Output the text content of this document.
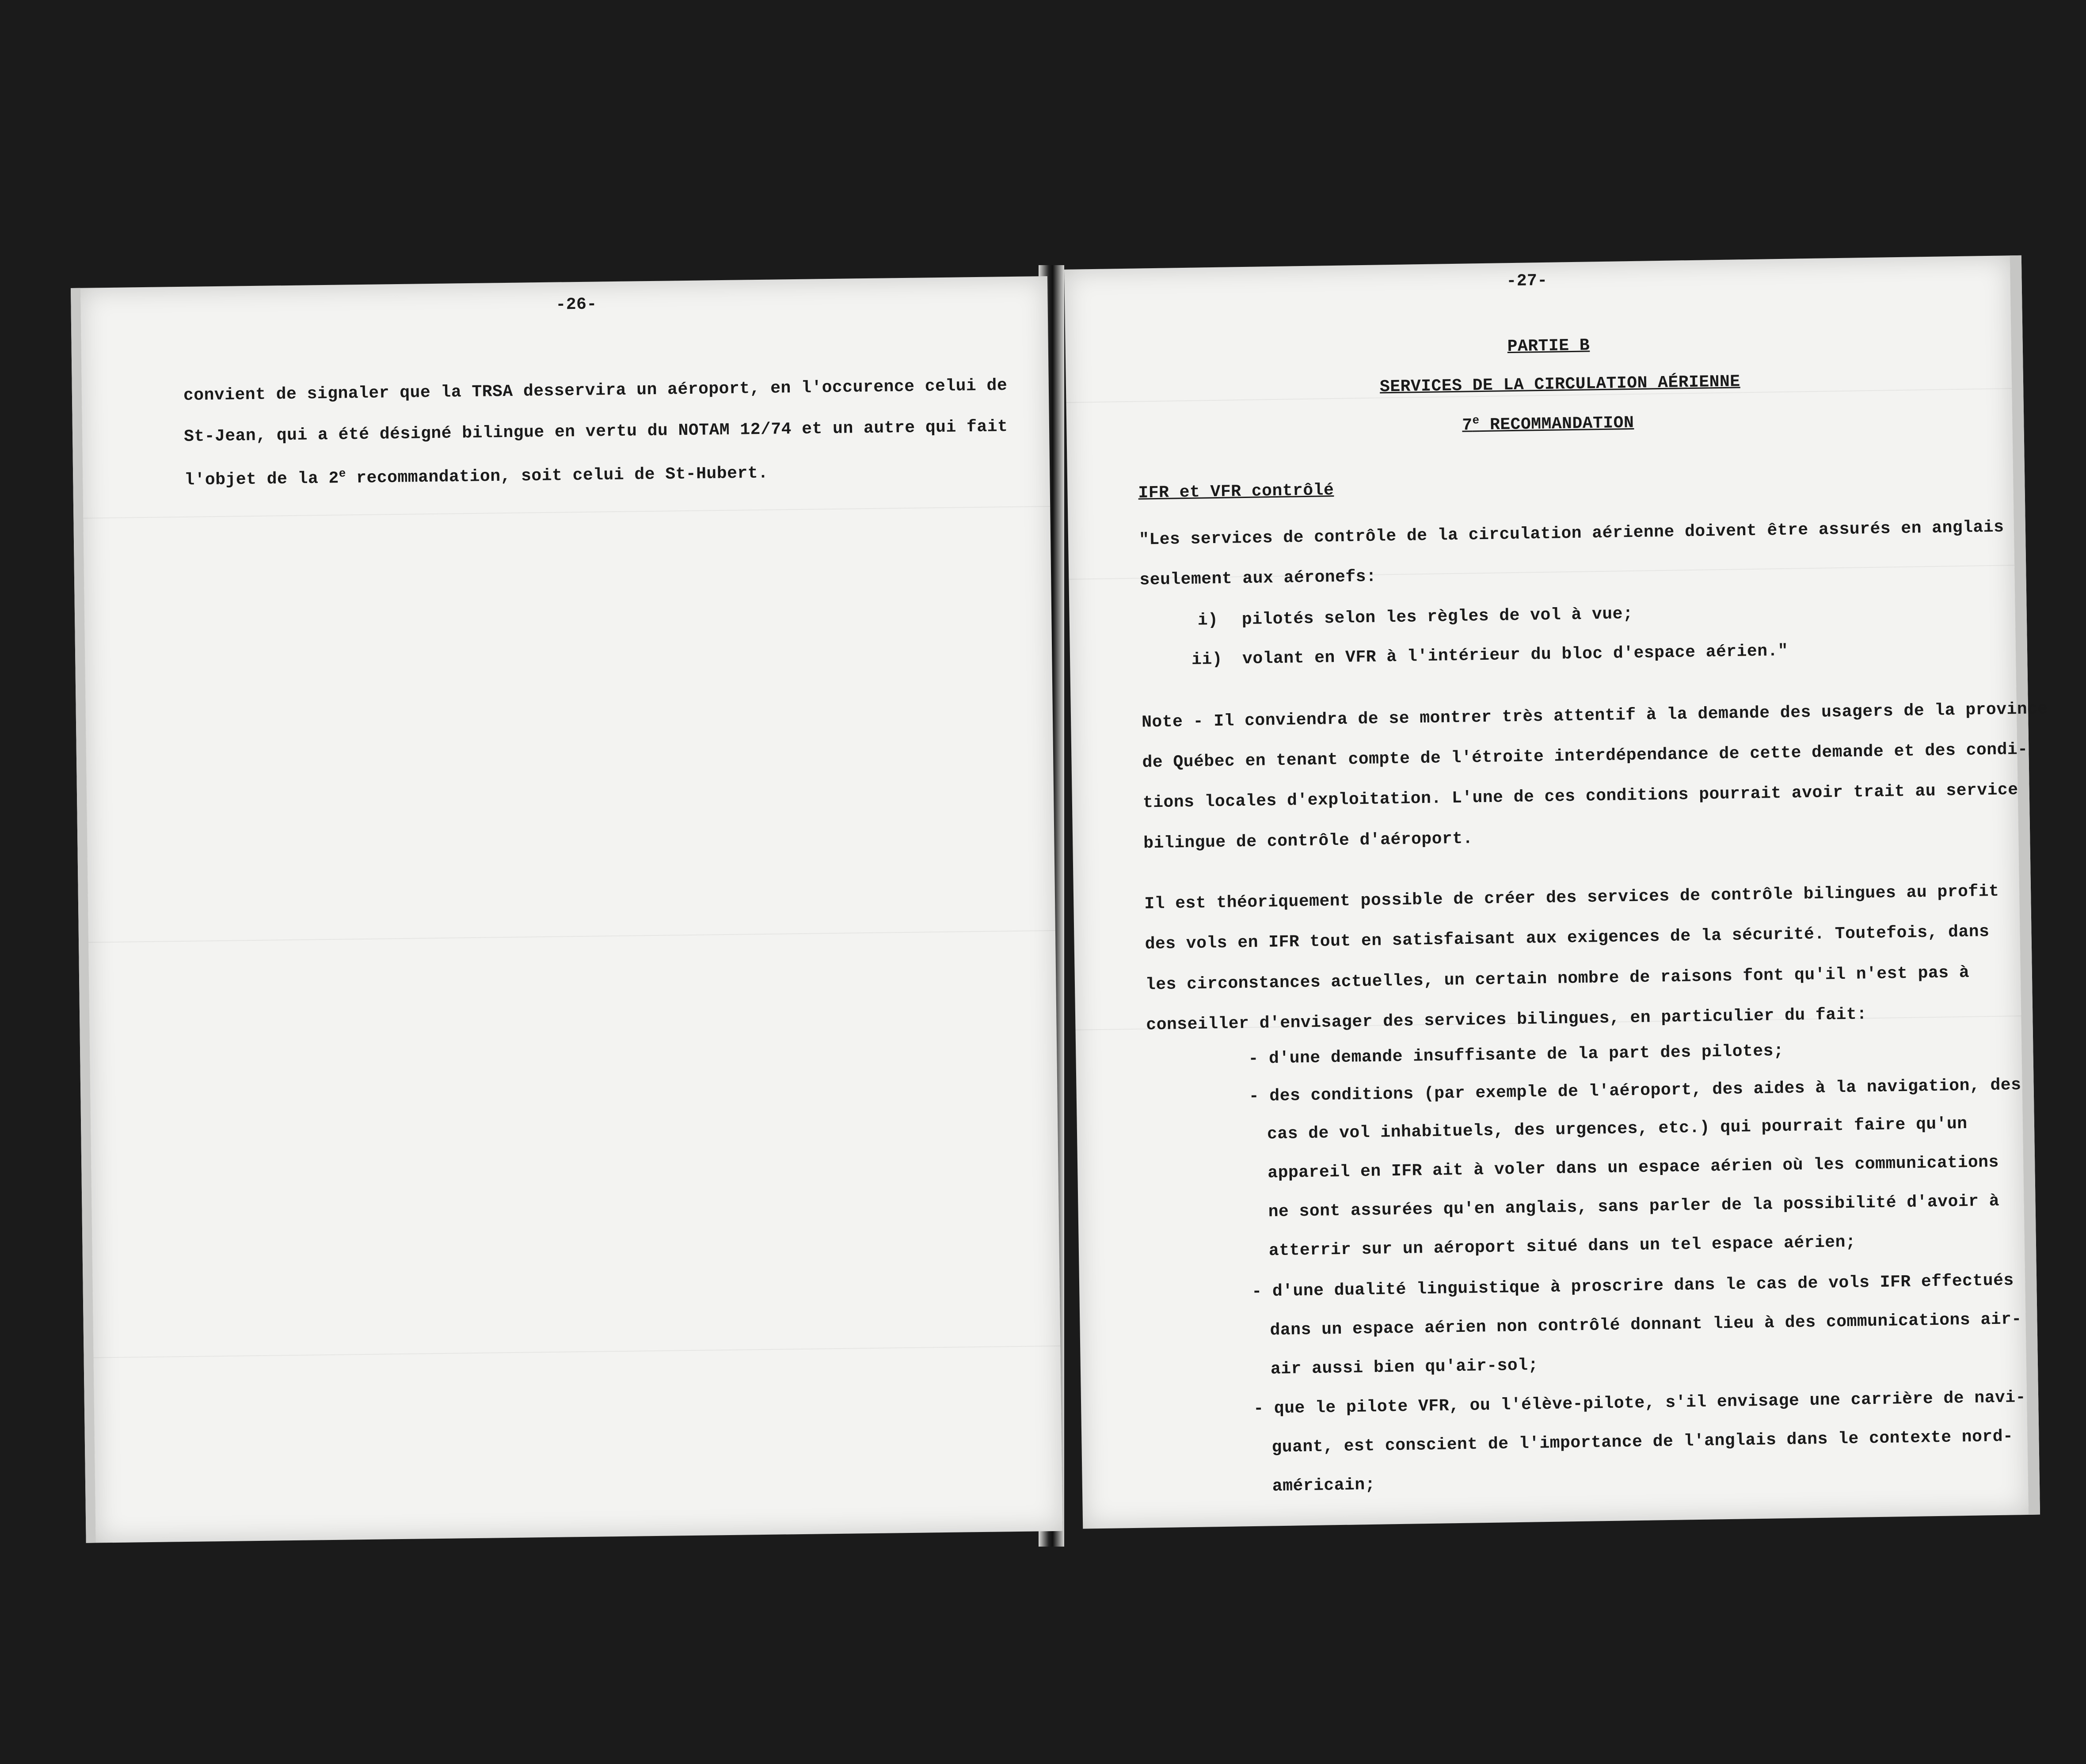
-26-
convient de signaler que la TRSA desservira un aéroport, en l'occurence celui de
St-Jean, qui a été désigné bilingue en vertu du NOTAM 12/74 et un autre qui fait
l'objet de la 2e recommandation, soit celui de St-Hubert.
-27-
PARTIE B
SERVICES DE LA CIRCULATION AÉRIENNE
7e RECOMMANDATION
IFR et VFR contrôlé
"Les services de contrôle de la circulation aérienne doivent être assurés en anglais
seulement aux aéronefs:
i) pilotés selon les règles de vol à vue;
ii) volant en VFR à l'intérieur du bloc d'espace aérien."
Note - Il conviendra de se montrer très attentif à la demande des usagers de la province
de Québec en tenant compte de l'étroite interdépendance de cette demande et des condi-
tions locales d'exploitation. L'une de ces conditions pourrait avoir trait au service
bilingue de contrôle d'aéroport.
Il est théoriquement possible de créer des services de contrôle bilingues au profit
des vols en IFR tout en satisfaisant aux exigences de la sécurité. Toutefois, dans
les circonstances actuelles, un certain nombre de raisons font qu'il n'est pas à
conseiller d'envisager des services bilingues, en particulier du fait:
- d'une demande insuffisante de la part des pilotes;
- des conditions (par exemple de l'aéroport, des aides à la navigation, des
cas de vol inhabituels, des urgences, etc.) qui pourrait faire qu'un
appareil en IFR ait à voler dans un espace aérien où les communications
ne sont assurées qu'en anglais, sans parler de la possibilité d'avoir à
atterrir sur un aéroport situé dans un tel espace aérien;
- d'une dualité linguistique à proscrire dans le cas de vols IFR effectués
dans un espace aérien non contrôlé donnant lieu à des communications air-
air aussi bien qu'air-sol;
- que le pilote VFR, ou l'élève-pilote, s'il envisage une carrière de navi-
guant, est conscient de l'importance de l'anglais dans le contexte nord-
américain;
